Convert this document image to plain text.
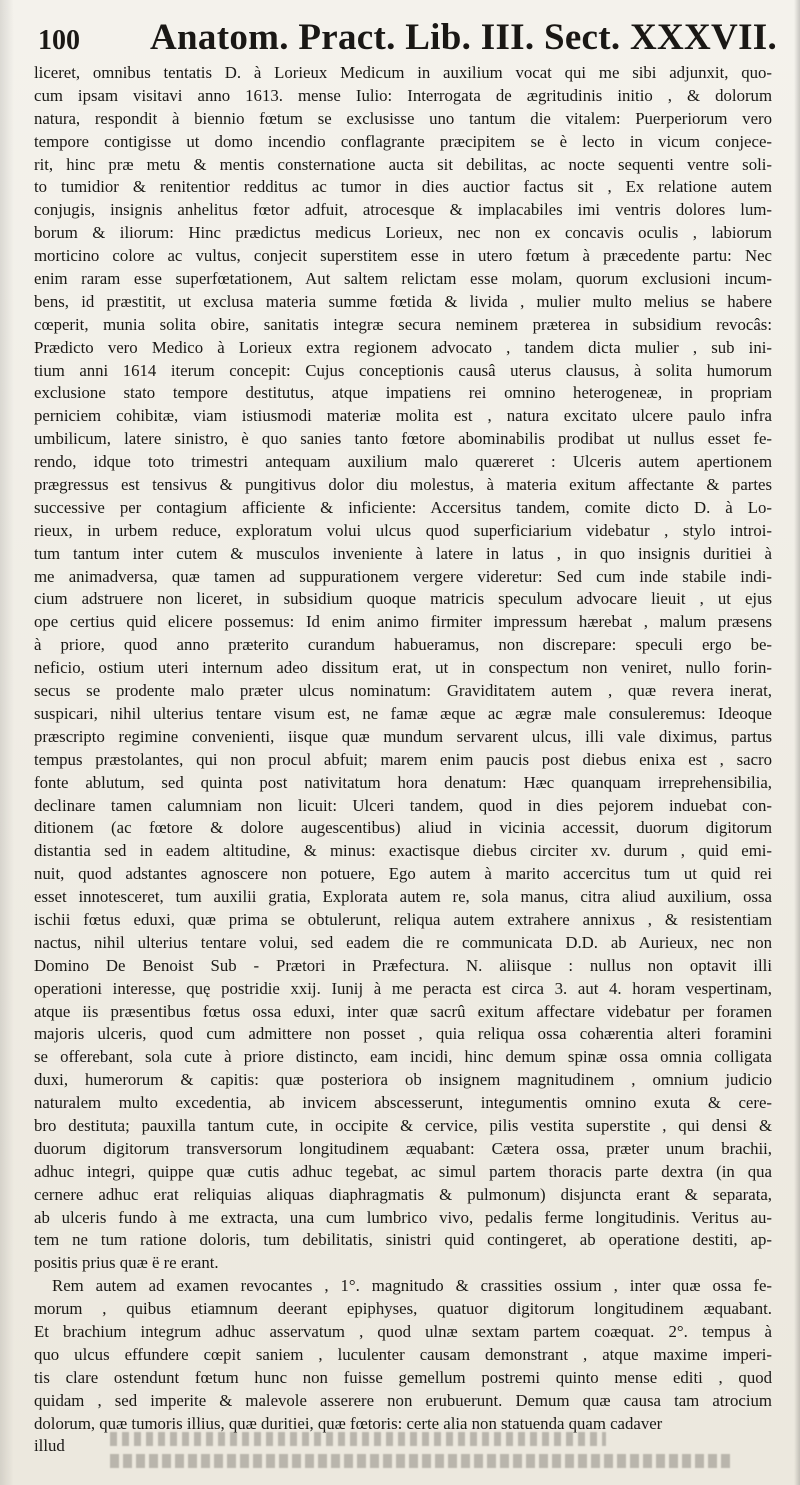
100 Anatom. Pract. Lib. III. Sect. XXXVII.
liceret, omnibus tentatis D. à Lorieux Medicum in auxilium vocat qui me sibi adjunxit, quo-
cum ipsam visitavi anno 1613. mense Iulio: Interrogata de ægritudinis initio , & dolorum
natura, respondit à biennio fœtum se exclusisse uno tantum die vitalem: Puerperiorum vero
tempore contigisse ut domo incendio conflagrante præcipitem se è lecto in vicum conjece-
rit, hinc præ metu & mentis consternatione aucta sit debilitas, ac nocte sequenti ventre soli-
to tumidior & renitentior redditus ac tumor in dies auctior factus sit , Ex relatione autem
conjugis, insignis anhelitus fœtor adfuit, atrocesque & implacabiles imi ventris dolores lum-
borum & iliorum: Hinc prædictus medicus Lorieux, nec non ex concavis oculis , labiorum
morticino colore ac vultus, conjecit superstitem esse in utero fœtum à præcedente partu: Nec
enim raram esse superfœtationem, Aut saltem relictam esse molam, quorum exclusioni incum-
bens, id præstitit, ut exclusa materia summe fœtida & livida , mulier multo melius se habere
cœperit, munia solita obire, sanitatis integræ secura neminem præterea in subsidium revocâs:
Prædicto vero Medico à Lorieux extra regionem advocato , tandem dicta mulier , sub ini-
tium anni 1614 iterum concepit: Cujus conceptionis causâ uterus clausus, à solita humorum
exclusione stato tempore destitutus, atque impatiens rei omnino heterogeneæ, in propriam
perniciem cohibitæ, viam istiusmodi materiæ molita est , natura excitato ulcere paulo infra
umbilicum, latere sinistro, è quo sanies tanto fœtore abominabilis prodibat ut nullus esset fe-
rendo, idque toto trimestri antequam auxilium malo quæreret : Ulceris autem apertionem
prægressus est tensivus & pungitivus dolor diu molestus, à materia exitum affectante & partes
successive per contagium afficiente & inficiente: Accersitus tandem, comite dicto D. à Lo-
rieux, in urbem reduce, exploratum volui ulcus quod superficiarium videbatur , stylo introi-
tum tantum inter cutem & musculos inveniente à latere in latus , in quo insignis duritiei à
me animadversa, quæ tamen ad suppurationem vergere videretur: Sed cum inde stabile indi-
cium adstruere non liceret, in subsidium quoque matricis speculum advocare lieuit , ut ejus
ope certius quid elicere possemus: Id enim animo firmiter impressum hærebat , malum præsens
à priore, quod anno præterito curandum habueramus, non discrepare: speculi ergo be-
neficio, ostium uteri internum adeo dissitum erat, ut in conspectum non veniret, nullo forin-
secus se prodente malo præter ulcus nominatum: Graviditatem autem , quæ revera inerat,
suspicari, nihil ulterius tentare visum est, ne famæ æque ac ægræ male consuleremus: Ideoque
præscripto regimine convenienti, iisque quæ mundum servarent ulcus, illi vale diximus, partus
tempus præstolantes, qui non procul abfuit; marem enim paucis post diebus enixa est , sacro
fonte ablutum, sed quinta post nativitatum hora denatum: Hæc quanquam irreprehensibilia,
declinare tamen calumniam non licuit: Ulceri tandem, quod in dies pejorem induebat con-
ditionem (ac fœtore & dolore augescentibus) aliud in vicinia accessit, duorum digitorum
distantia sed in eadem altitudine, & minus: exactisque diebus circiter xv. durum , quid emi-
nuit, quod adstantes agnoscere non potuere, Ego autem à marito accercitus tum ut quid rei
esset innotesceret, tum auxilii gratia, Explorata autem re, sola manus, citra aliud auxilium, ossa
ischii fœtus eduxi, quæ prima se obtulerunt, reliqua autem extrahere annixus , & resistentiam
nactus, nihil ulterius tentare volui, sed eadem die re communicata D.D. ab Aurieux, nec non
Domino De Benoist Sub - Prætori in Præfectura. N. aliisque : nullus non optavit illi
operationi interesse, quę postridie xxij. Iunij à me peracta est circa 3. aut 4. horam vespertinam,
atque iis præsentibus fœtus ossa eduxi, inter quæ sacrû exitum affectare videbatur per foramen
majoris ulceris, quod cum admittere non posset , quia reliqua ossa cohærentia alteri foramini
se offerebant, sola cute à priore distincto, eam incidi, hinc demum spinæ ossa omnia colligata
duxi, humerorum & capitis: quæ posteriora ob insignem magnitudinem , omnium judicio
naturalem multo excedentia, ab invicem abscesserunt, integumentis omnino exuta & cere-
bro destituta; pauxilla tantum cute, in occipite & cervice, pilis vestita superstite , qui densi &
duorum digitorum transversorum longitudinem æquabant: Cætera ossa, præter unum brachii,
adhuc integri, quippe quæ cutis adhuc tegebat, ac simul partem thoracis parte dextra (in qua
cernere adhuc erat reliquias aliquas diaphragmatis & pulmonum) disjuncta erant & separata,
ab ulceris fundo à me extracta, una cum lumbrico vivo, pedalis ferme longitudinis. Veritus au-
tem ne tum ratione doloris, tum debilitatis, sinistri quid contingeret, ab operatione destiti, ap-
positis prius quæ ë re erant.
Rem autem ad examen revocantes , 1°. magnitudo & crassities ossium , inter quæ ossa fe-
morum , quibus etiamnum deerant epiphyses, quatuor digitorum longitudinem æquabant.
Et brachium integrum adhuc asservatum , quod ulnæ sextam partem coæquat. 2°. tempus à
quo ulcus effundere cœpit saniem , luculenter causam demonstrant , atque maxime imperi-
tis clare ostendunt fœtum hunc non fuisse gemellum postremi quinto mense editi , quod
quidam , sed imperite & malevole asserere non erubuerunt. Demum quæ causa tam atrocium
dolorum, quæ tumoris illius, quæ duritiei, quæ fœtoris: certe alia non statuenda quam cadaver
illud
